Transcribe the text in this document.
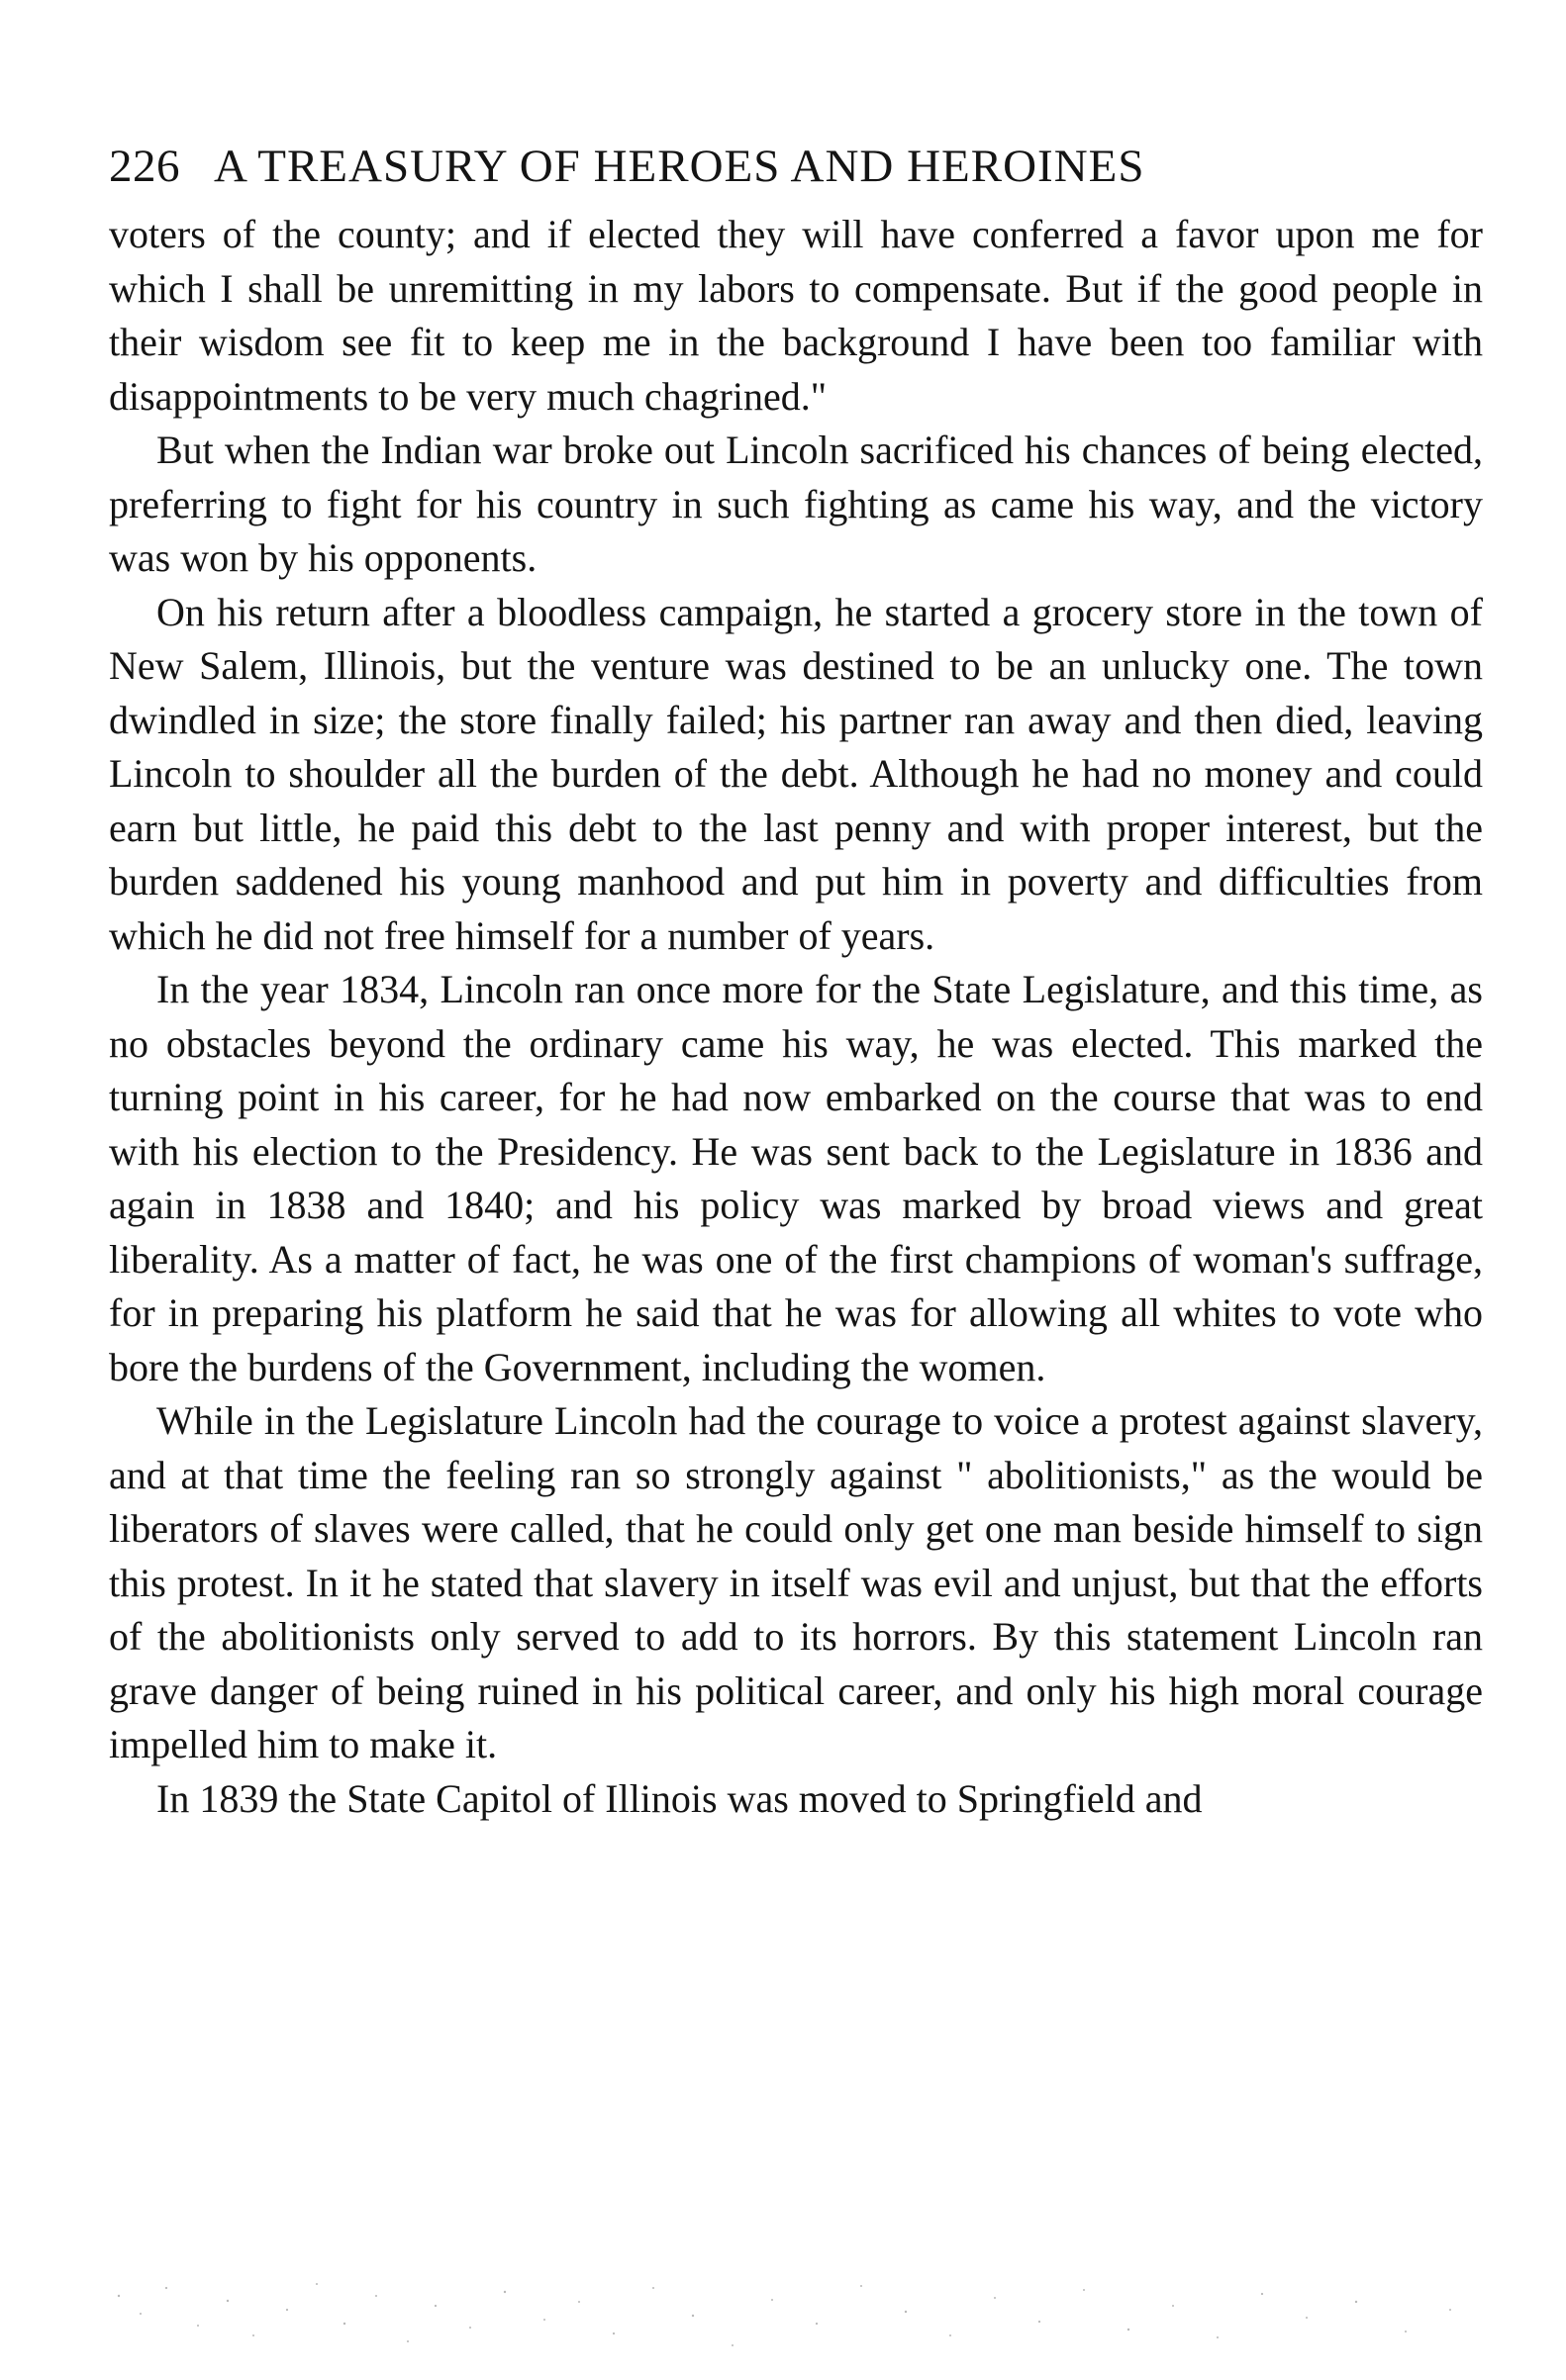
226 A TREASURY OF HEROES AND HEROINES

voters of the county; and if elected they will have conferred a favor upon me for which I shall be unremitting in my labors to compensate. But if the good people in their wisdom see fit to keep me in the background I have been too familiar with disappointments to be very much chagrined."

But when the Indian war broke out Lincoln sacrificed his chances of being elected, preferring to fight for his country in such fighting as came his way, and the victory was won by his opponents.

On his return after a bloodless campaign, he started a grocery store in the town of New Salem, Illinois, but the venture was destined to be an unlucky one. The town dwindled in size; the store finally failed; his partner ran away and then died, leaving Lincoln to shoulder all the burden of the debt. Although he had no money and could earn but little, he paid this debt to the last penny and with proper interest, but the burden saddened his young manhood and put him in poverty and difficulties from which he did not free himself for a number of years.

In the year 1834, Lincoln ran once more for the State Legislature, and this time, as no obstacles beyond the ordinary came his way, he was elected. This marked the turning point in his career, for he had now embarked on the course that was to end with his election to the Presidency. He was sent back to the Legislature in 1836 and again in 1838 and 1840; and his policy was marked by broad views and great liberality. As a matter of fact, he was one of the first champions of woman's suffrage, for in preparing his platform he said that he was for allowing all whites to vote who bore the burdens of the Government, including the women.

While in the Legislature Lincoln had the courage to voice a protest against slavery, and at that time the feeling ran so strongly against " abolitionists," as the would be liberators of slaves were called, that he could only get one man beside himself to sign this protest. In it he stated that slavery in itself was evil and unjust, but that the efforts of the abolitionists only served to add to its horrors. By this statement Lincoln ran grave danger of being ruined in his political career, and only his high moral courage impelled him to make it.

In 1839 the State Capitol of Illinois was moved to Springfield and
